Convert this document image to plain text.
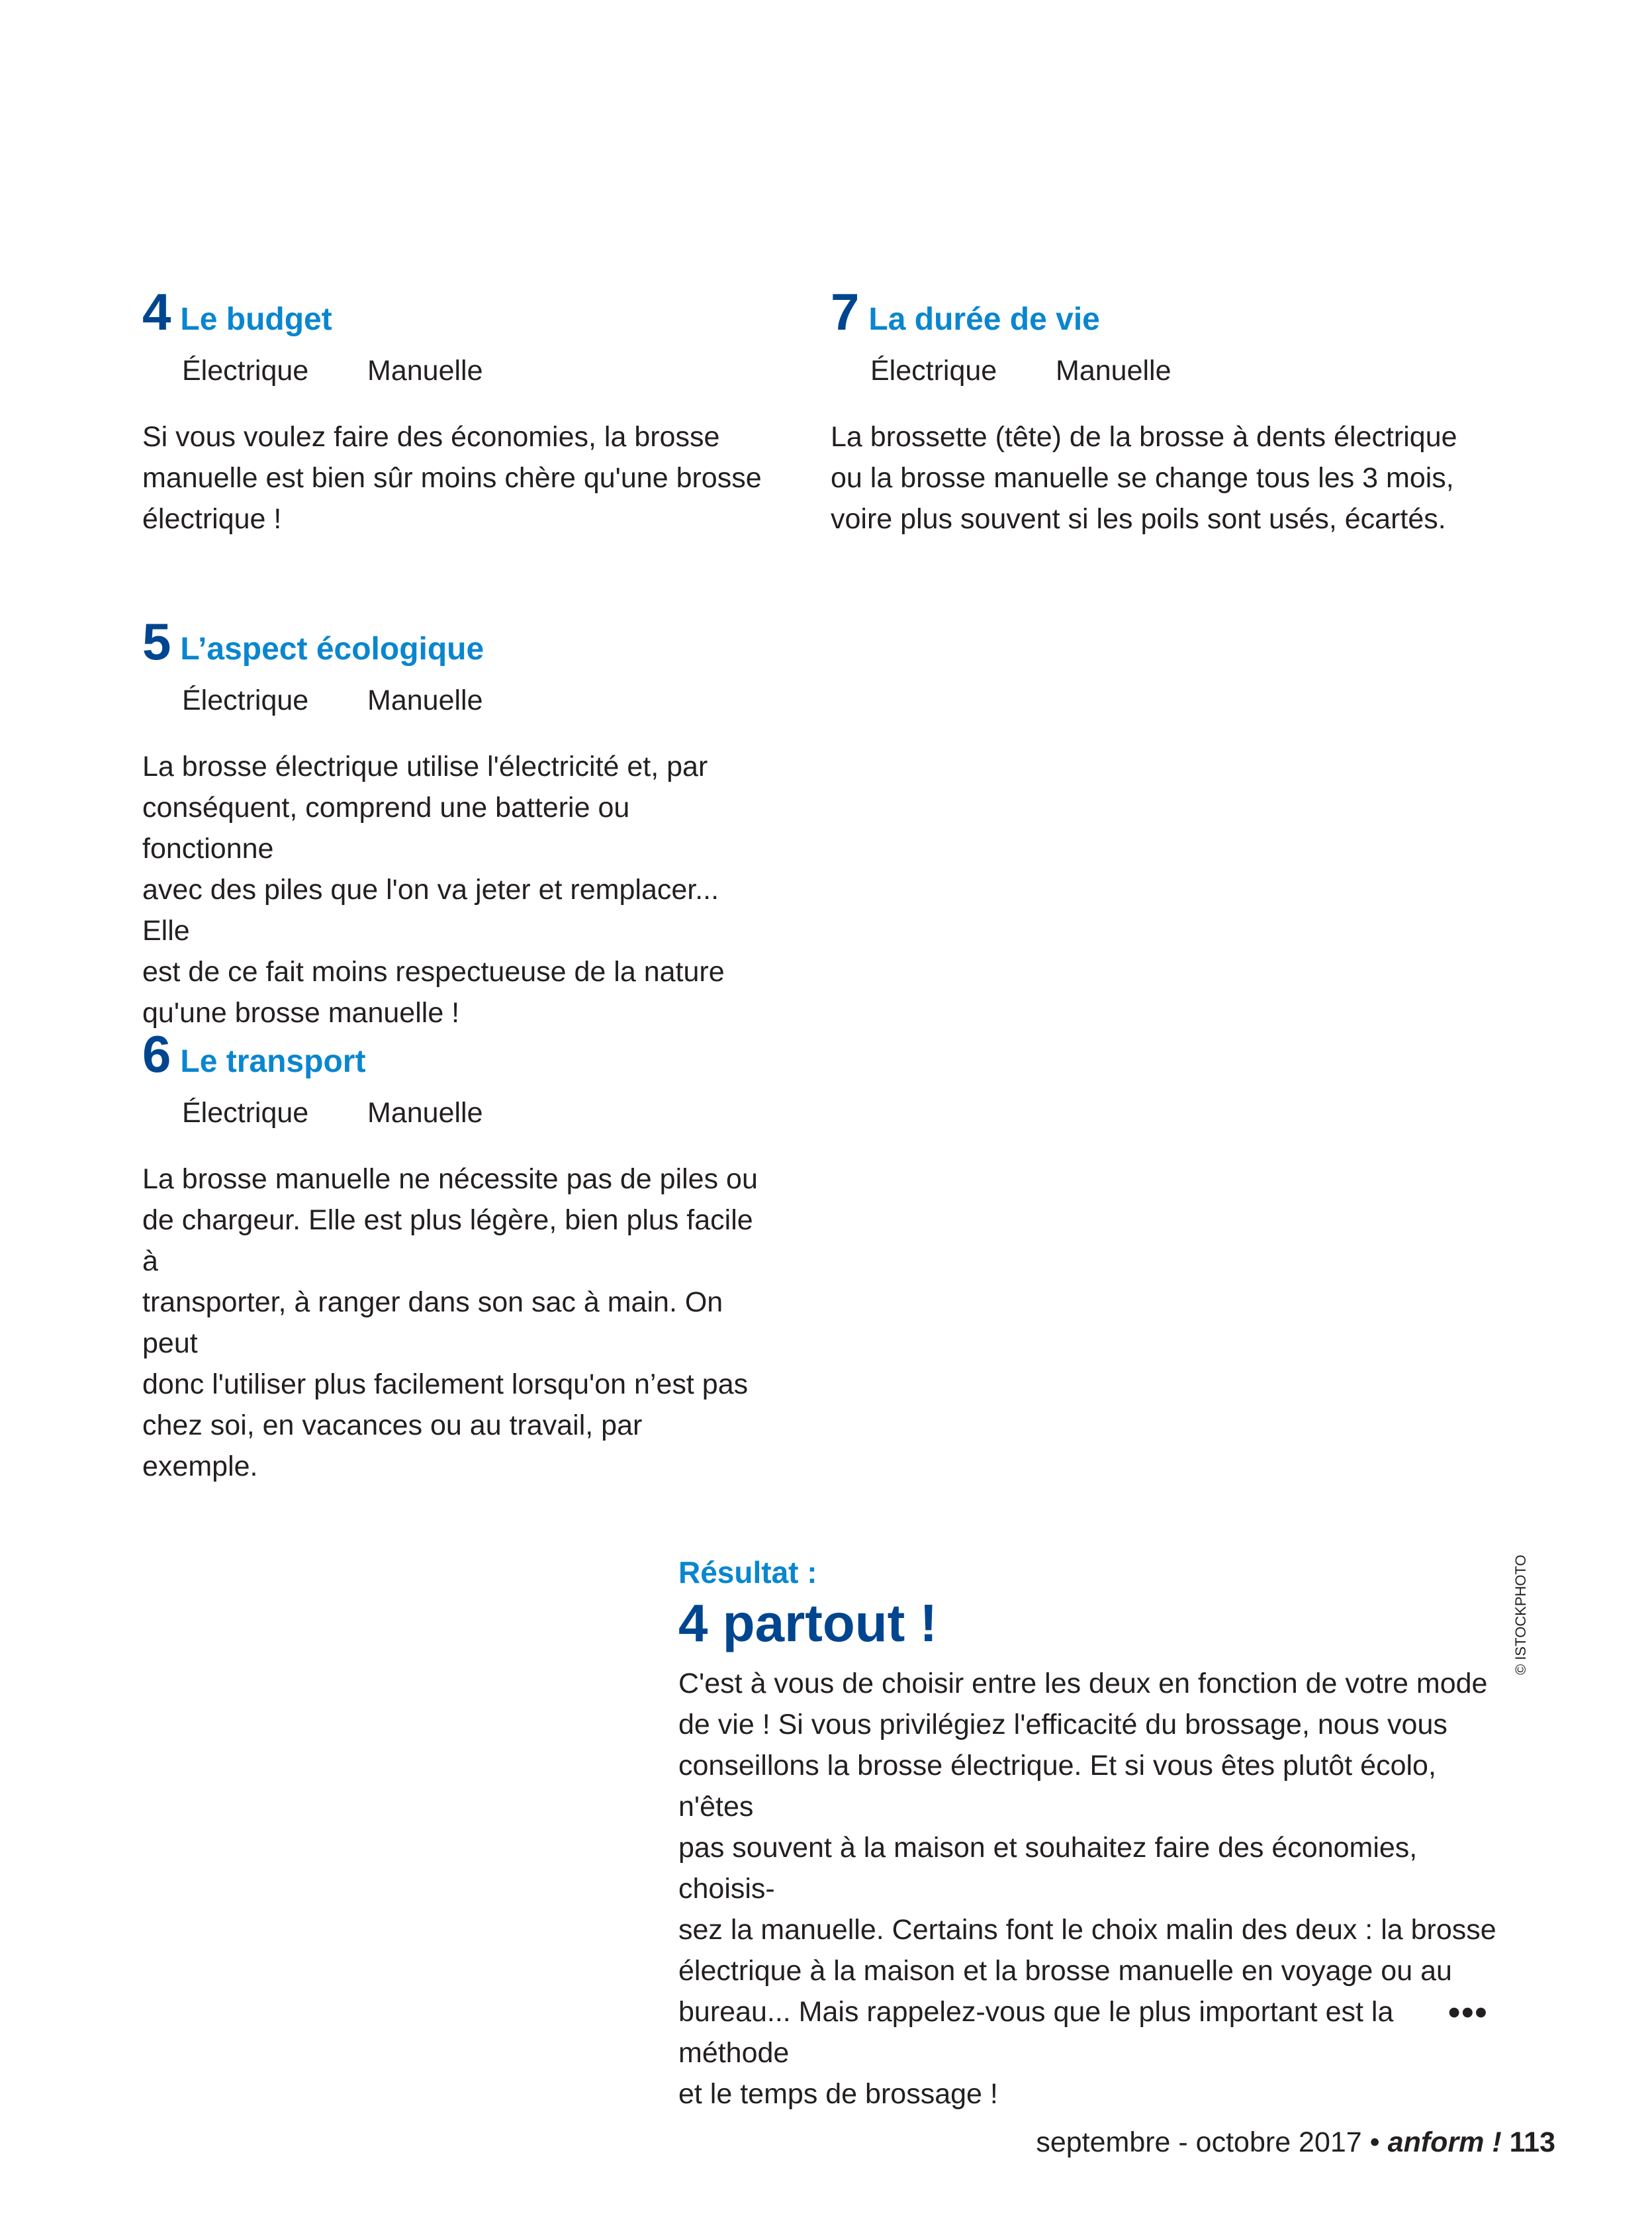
4 Le budget
Électrique	Manuelle
Si vous voulez faire des économies, la brosse
manuelle est bien sûr moins chère qu'une brosse
électrique !
5 L’aspect écologique
Électrique	Manuelle
La brosse électrique utilise l'électricité et, par
conséquent, comprend une batterie ou fonctionne
avec des piles que l'on va jeter et remplacer... Elle
est de ce fait moins respectueuse de la nature
qu'une brosse manuelle !
6 Le transport
Électrique	Manuelle
La brosse manuelle ne nécessite pas de piles ou
de chargeur. Elle est plus légère, bien plus facile à
transporter, à ranger dans son sac à main. On peut
donc l'utiliser plus facilement lorsqu'on n’est pas
chez soi, en vacances ou au travail, par exemple.
7 La durée de vie
Électrique	Manuelle
La brossette (tête) de la brosse à dents électrique
ou la brosse manuelle se change tous les 3 mois,
voire plus souvent si les poils sont usés, écartés.
Résultat :
4 partout !
C'est à vous de choisir entre les deux en fonction de votre mode
de vie ! Si vous privilégiez l'efficacité du brossage, nous vous
conseillons la brosse électrique. Et si vous êtes plutôt écolo, n'êtes
pas souvent à la maison et souhaitez faire des économies, choisis-
sez la manuelle. Certains font le choix malin des deux : la brosse
électrique à la maison et la brosse manuelle en voyage ou au
bureau... Mais rappelez-vous que le plus important est la méthode
et le temps de brossage !
•••
© ISTOCKPHOTO
septembre - octobre 2017 • anform ! 113
